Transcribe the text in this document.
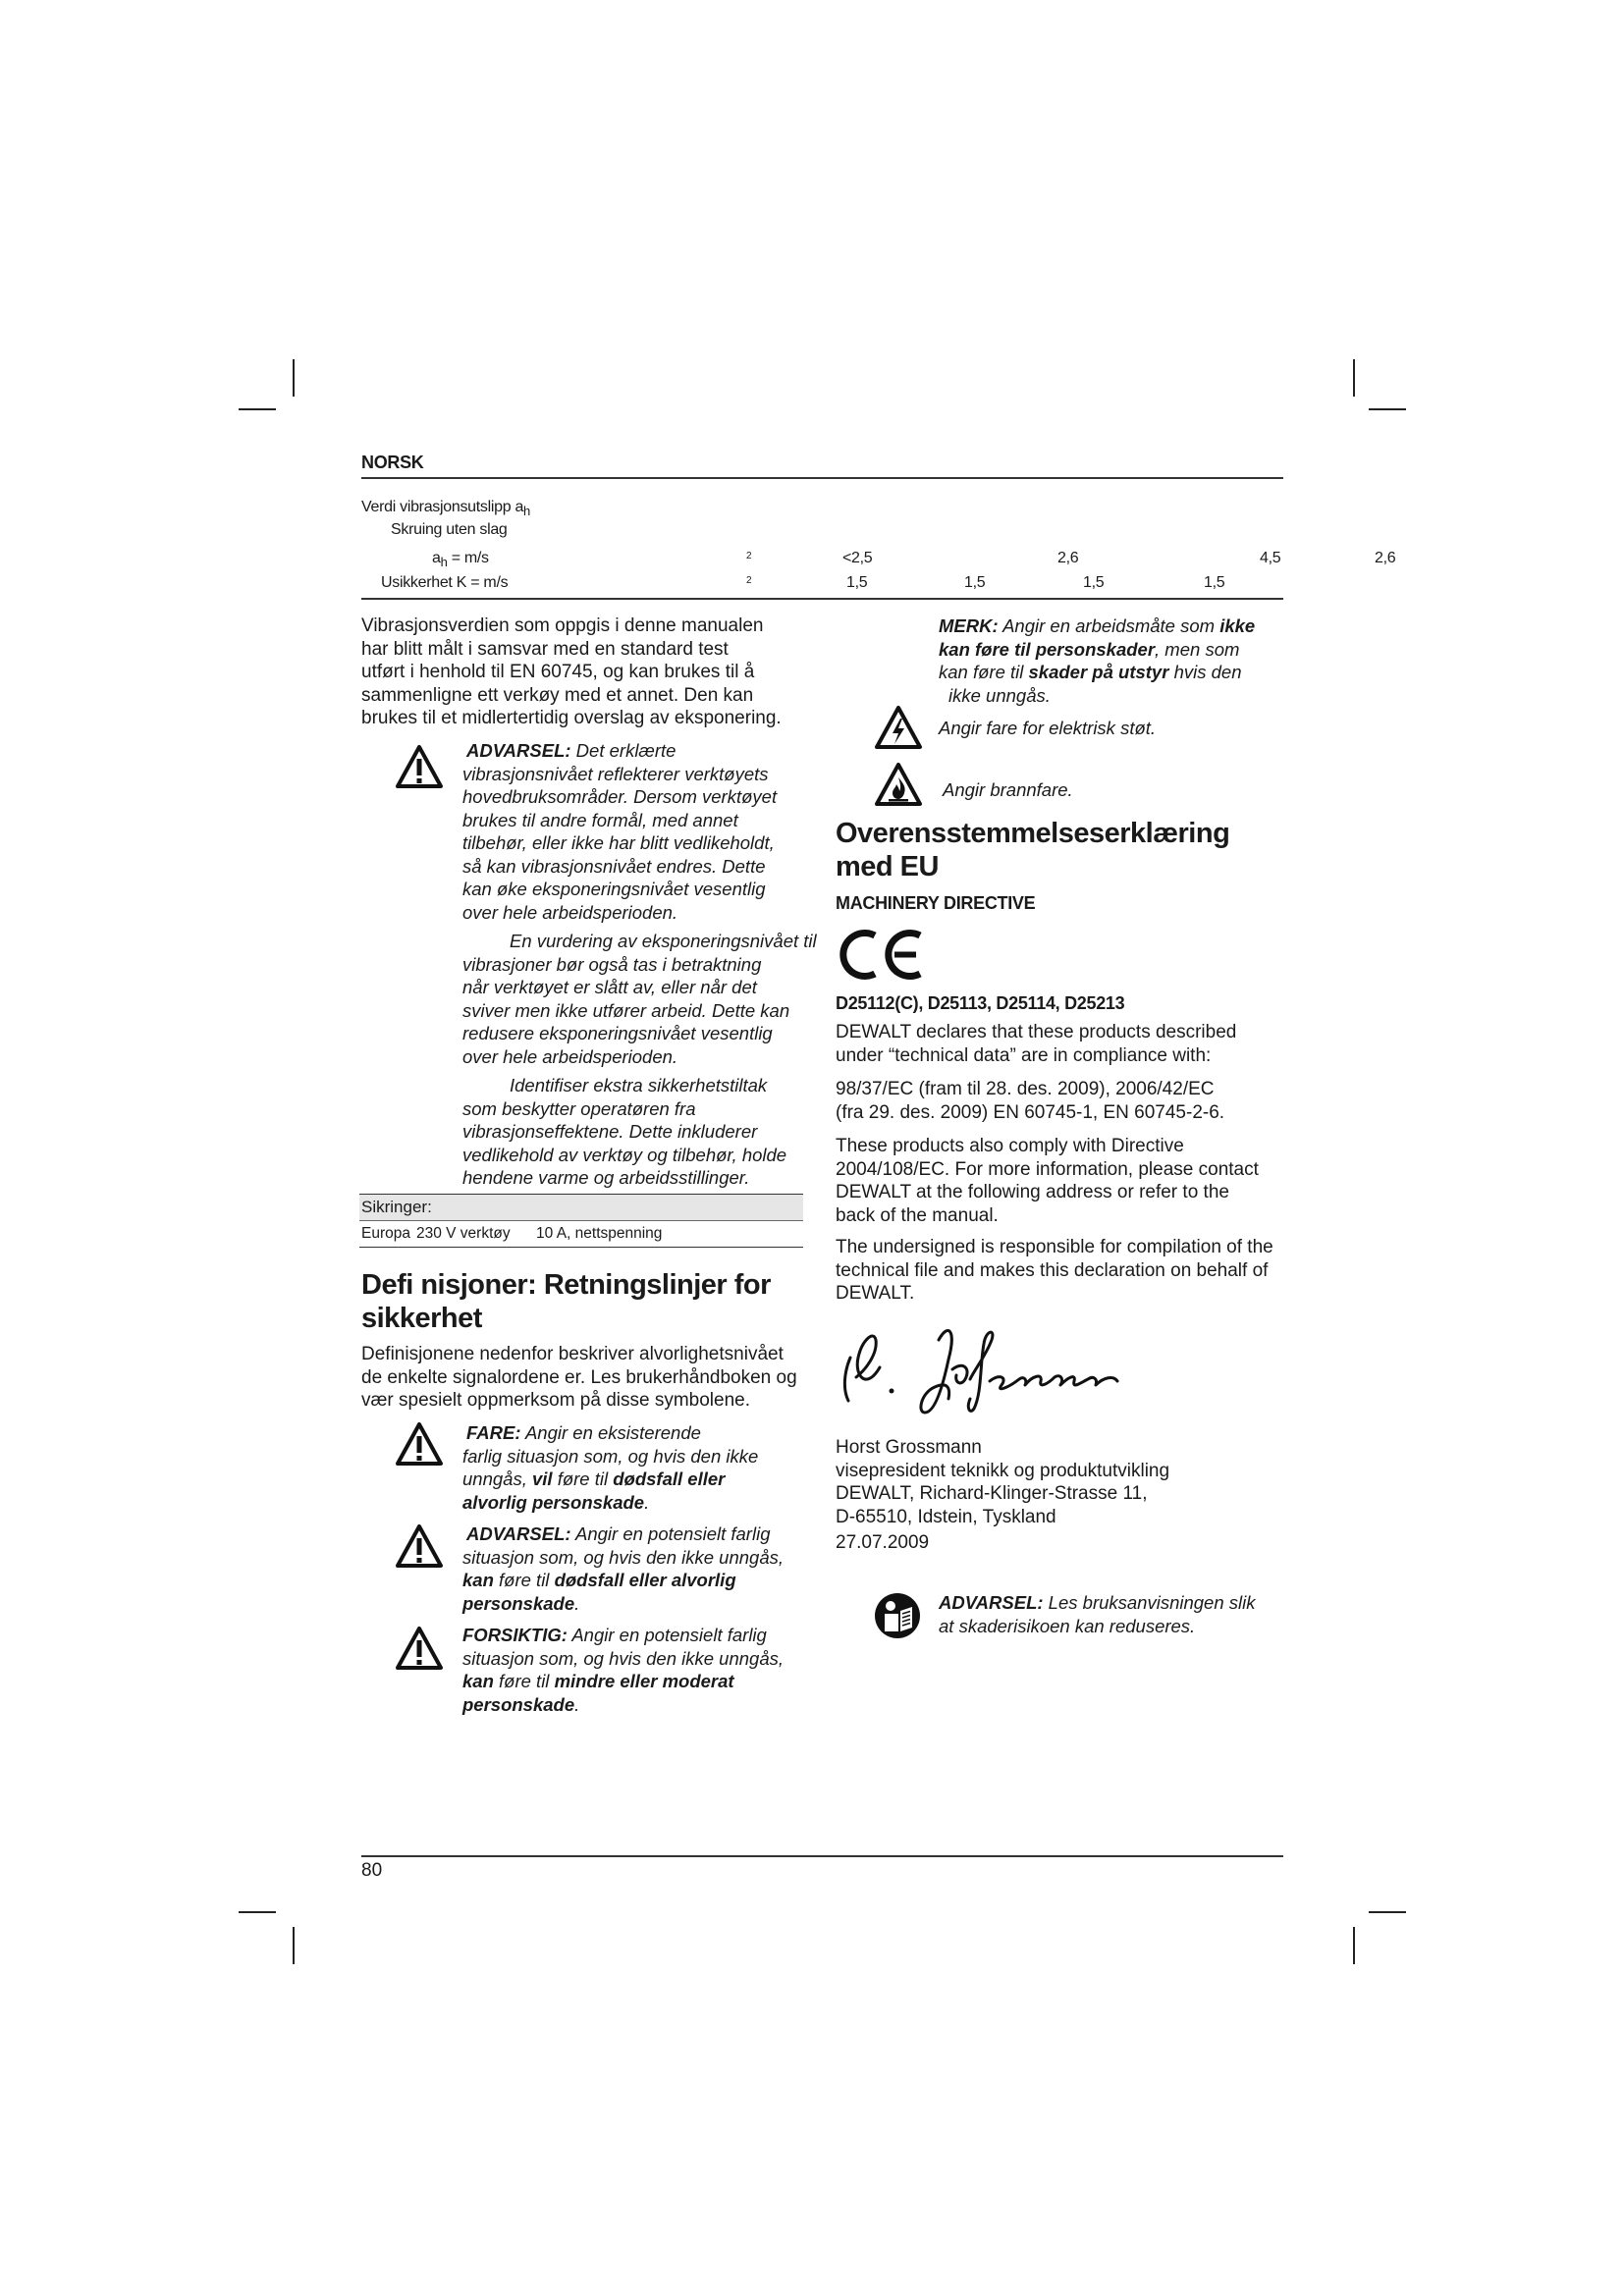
NORSK
Verdi vibrasjonsutslipp $a_h$
Skruing uten slag
$a_h = m/s$	2	<2,5	2,6	4,5	2,6
Usikkerhet K = m/s	2	1,5	1,5	1,5	1,5
Vibrasjonsverdien som oppgis i denne manualen
har blitt målt i samsvar med en standard test
utført i henhold til EN 60745, og kan brukes til å
sammenligne ett verkøy med et annet. Den kan
brukes til et midlertertidig overslag av eksponering.
ADVARSEL: Det erklærte
vibrasjonsnivået reflekterer verktøyets
hovedbruksområder. Dersom verktøyet
brukes til andre formål, med annet
tilbehør, eller ikke har blitt vedlikeholdt,
så kan vibrasjonsnivået endres. Dette
kan øke eksponeringsnivået vesentlig
over hele arbeidsperioden.
En vurdering av eksponeringsnivået til
vibrasjoner bør også tas i betraktning
når verktøyet er slått av, eller når det
sviver men ikke utfører arbeid. Dette kan
redusere eksponeringsnivået vesentlig
over hele arbeidsperioden.
Identifiser ekstra sikkerhetstiltak
som beskytter operatøren fra
vibrasjonseffektene. Dette inkluderer
vedlikehold av verktøy og tilbehør, holde
hendene varme og arbeidsstillinger.
Sikringer:
Europa 230 V verktøy 10 A, nettspenning
Defi nisjoner: Retningslinjer for
sikkerhet
Definisjonene nedenfor beskriver alvorlighetsnivået
de enkelte signalordene er. Les brukerhåndboken og
vær spesielt oppmerksom på disse symbolene.
FARE: Angir en eksisterende
farlig situasjon som, og hvis den ikke
unngås, vil føre til dødsfall eller
alvorlig personskade.
ADVARSEL: Angir en potensielt farlig
situasjon som, og hvis den ikke unngås,
kan føre til dødsfall eller alvorlig
personskade.
FORSIKTIG: Angir en potensielt farlig
situasjon som, og hvis den ikke unngås,
kan føre til mindre eller moderat
personskade.
MERK: Angir en arbeidsmåte som ikke
kan føre til personskader, men som
kan føre til skader på utstyr hvis den
ikke unngås.
Angir fare for elektrisk støt.
Angir brannfare.
Overensstemmelseserklæring
med EU
MACHINERY DIRECTIVE
D25112(C), D25113, D25114, D25213
DEWALT declares that these products described
under “technical data” are in compliance with:
98/37/EC (fram til 28. des. 2009), 2006/42/EC
(fra 29. des. 2009) EN 60745-1, EN 60745-2-6.
These products also comply with Directive
2004/108/EC. For more information, please contact
DEWALT at the following address or refer to the
back of the manual.
The undersigned is responsible for compilation of the
technical file and makes this declaration on behalf of
DEWALT.
Horst Grossmann
visepresident teknikk og produktutvikling
DEWALT, Richard-Klinger-Strasse 11,
D-65510, Idstein, Tyskland
27.07.2009
ADVARSEL: Les bruksanvisningen slik
at skaderisikoen kan reduseres.
80
